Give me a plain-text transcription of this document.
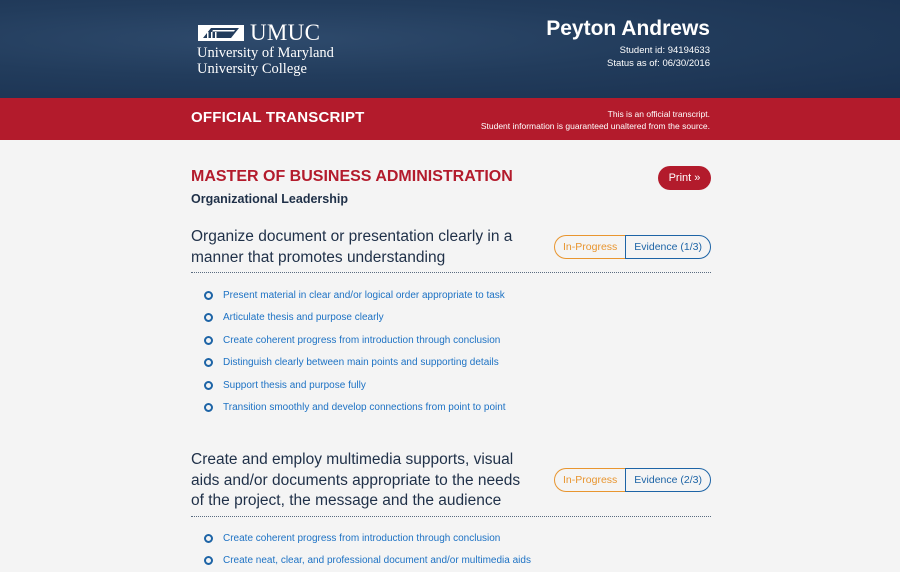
UMUC
University of Maryland
University College
Peyton Andrews
Student id: 94194633
Status as of: 06/30/2016
OFFICIAL TRANSCRIPT	This is an official transcript.
Student information is guaranteed unaltered from the source.
MASTER OF BUSINESS ADMINISTRATION
Organizational Leadership
Print »
Organize document or presentation clearly in a manner that promotes understanding
In-Progress	Evidence (1/3)
Present material in clear and/or logical order appropriate to task
Articulate thesis and purpose clearly
Create coherent progress from introduction through conclusion
Distinguish clearly between main points and supporting details
Support thesis and purpose fully
Transition smoothly and develop connections from point to point
Create and employ multimedia supports, visual aids and/or documents appropriate to the needs of the project, the message and the audience
In-Progress	Evidence (2/3)
Create coherent progress from introduction through conclusion
Create neat, clear, and professional document and/or multimedia aids
